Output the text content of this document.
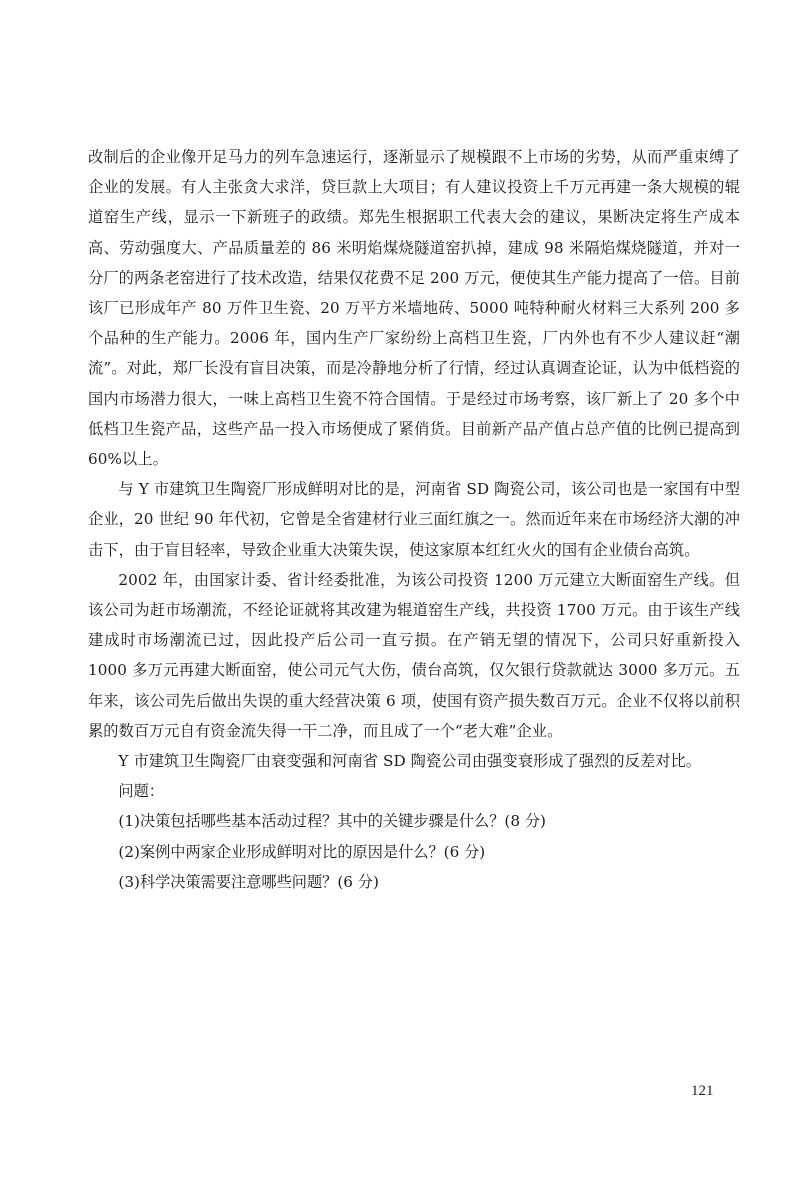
改制后的企业像开足马力的列车急速运行，逐渐显示了规模跟不上市场的劣势，从而严重束缚了企业的发展。有人主张贪大求洋，贷巨款上大项目；有人建议投资上千万元再建一条大规模的辊道窑生产线，显示一下新班子的政绩。郑先生根据职工代表大会的建议，果断决定将生产成本高、劳动强度大、产品质量差的 86 米明焰煤烧隧道窑扒掉，建成 98 米隔焰煤烧隧道，并对一分厂的两条老窑进行了技术改造，结果仅花费不足 200 万元，便使其生产能力提高了一倍。目前该厂已形成年产 80 万件卫生瓷、20 万平方米墙地砖、5000 吨特种耐火材料三大系列 200 多个品种的生产能力。2006 年，国内生产厂家纷纷上高档卫生瓷，厂内外也有不少人建议赶“潮流”。对此，郑厂长没有盲目决策，而是冷静地分析了行情，经过认真调查论证，认为中低档瓷的国内市场潜力很大，一味上高档卫生瓷不符合国情。于是经过市场考察，该厂新上了 20 多个中低档卫生瓷产品，这些产品一投入市场便成了紧俏货。目前新产品产值占总产值的比例已提高到 60%以上。

与 Y 市建筑卫生陶瓷厂形成鲜明对比的是，河南省 SD 陶瓷公司，该公司也是一家国有中型企业，20 世纪 90 年代初，它曾是全省建材行业三面红旗之一。然而近年来在市场经济大潮的冲击下，由于盲目轻率，导致企业重大决策失误，使这家原本红红火火的国有企业债台高筑。

2002 年，由国家计委、省计经委批准，为该公司投资 1200 万元建立大断面窑生产线。但该公司为赶市场潮流，不经论证就将其改建为辊道窑生产线，共投资 1700 万元。由于该生产线建成时市场潮流已过，因此投产后公司一直亏损。在产销无望的情况下，公司只好重新投入 1000 多万元再建大断面窑，使公司元气大伤，债台高筑，仅欠银行贷款就达 3000 多万元。五年来，该公司先后做出失误的重大经营决策 6 项，使国有资产损失数百万元。企业不仅将以前积累的数百万元自有资金流失得一干二净，而且成了一个“老大难”企业。

Y 市建筑卫生陶瓷厂由衰变强和河南省 SD 陶瓷公司由强变衰形成了强烈的反差对比。

问题：

(1)决策包括哪些基本活动过程？其中的关键步骤是什么？(8 分)

(2)案例中两家企业形成鲜明对比的原因是什么？(6 分)

(3)科学决策需要注意哪些问题？(6 分)

121
